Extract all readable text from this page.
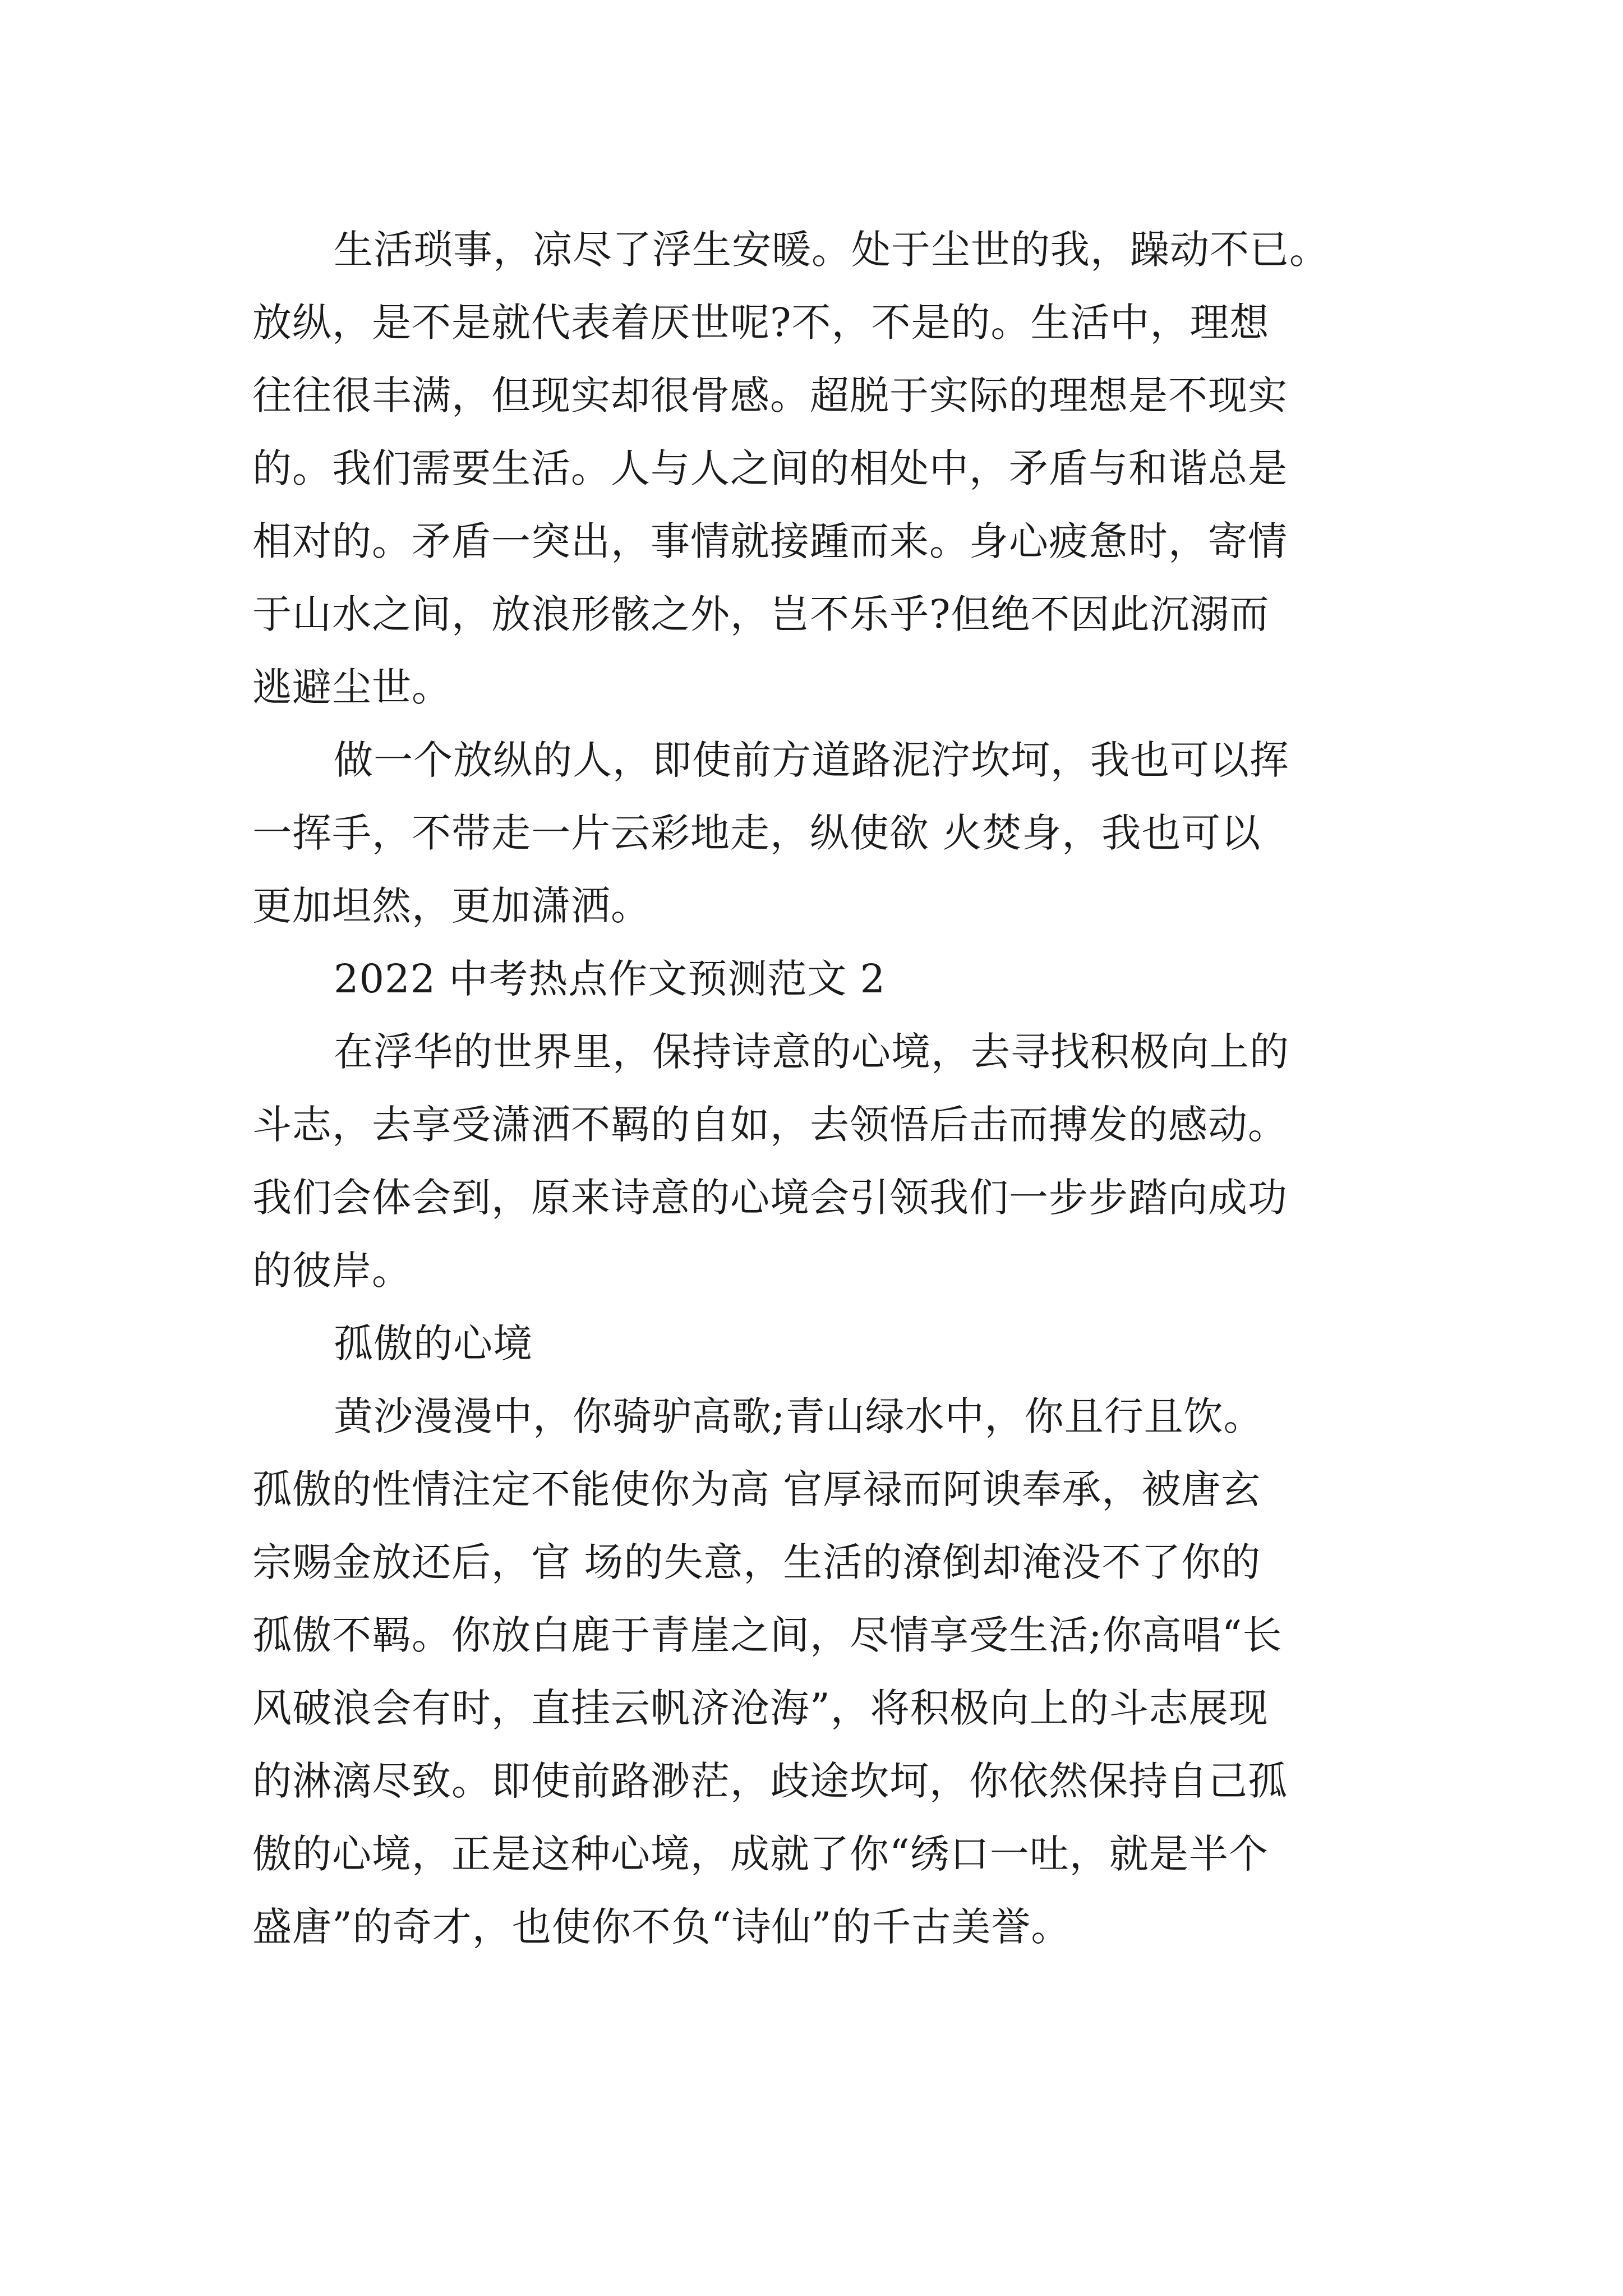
生活琐事，凉尽了浮生安暖。处于尘世的我，躁动不已。
放纵，是不是就代表着厌世呢?不，不是的。生活中，理想
往往很丰满，但现实却很骨感。超脱于实际的理想是不现实
的。我们需要生活。人与人之间的相处中，矛盾与和谐总是
相对的。矛盾一突出，事情就接踵而来。身心疲惫时，寄情
于山水之间，放浪形骸之外，岂不乐乎?但绝不因此沉溺而
逃避尘世。
做一个放纵的人，即使前方道路泥泞坎坷，我也可以挥
一挥手，不带走一片云彩地走，纵使欲 火焚身，我也可以
更加坦然，更加潇洒。
2022 中考热点作文预测范文 2
在浮华的世界里，保持诗意的心境，去寻找积极向上的
斗志，去享受潇洒不羁的自如，去领悟后击而搏发的感动。
我们会体会到，原来诗意的心境会引领我们一步步踏向成功
的彼岸。
孤傲的心境
黄沙漫漫中，你骑驴高歌;青山绿水中，你且行且饮。
孤傲的性情注定不能使你为高 官厚禄而阿谀奉承，被唐玄
宗赐金放还后，官 场的失意，生活的潦倒却淹没不了你的
孤傲不羁。你放白鹿于青崖之间，尽情享受生活;你高唱“长
风破浪会有时，直挂云帆济沧海”，将积极向上的斗志展现
的淋漓尽致。即使前路渺茫，歧途坎坷，你依然保持自己孤
傲的心境，正是这种心境，成就了你“绣口一吐，就是半个
盛唐”的奇才，也使你不负“诗仙”的千古美誉。
